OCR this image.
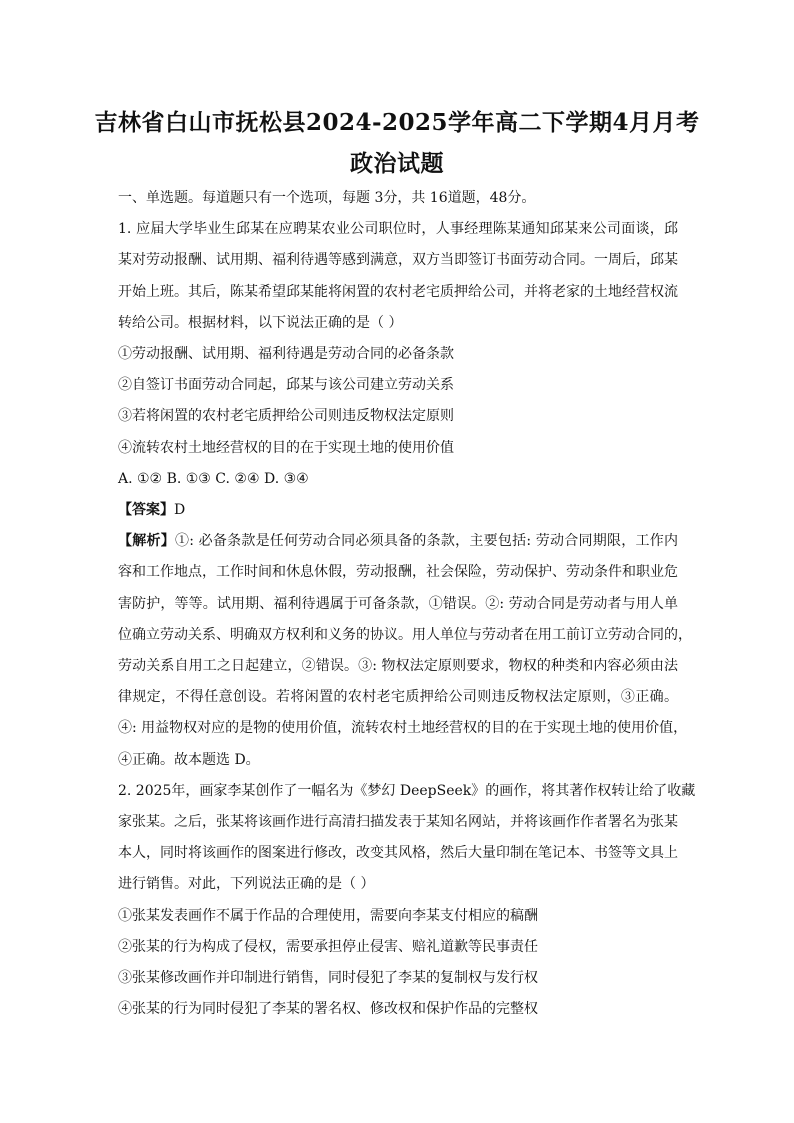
吉林省白山市抚松县2024-2025学年高二下学期4月月考
政治试题
一、单选题。每道题只有一个选项，每题 3分，共 16道题，48分。
1. 应届大学毕业生邱某在应聘某农业公司职位时，人事经理陈某通知邱某来公司面谈，邱
某对劳动报酬、试用期、福利待遇等感到满意，双方当即签订书面劳动合同。一周后，邱某
开始上班。其后，陈某希望邱某能将闲置的农村老宅质押给公司，并将老家的土地经营权流
转给公司。根据材料，以下说法正确的是（ ）
①劳动报酬、试用期、福利待遇是劳动合同的必备条款
②自签订书面劳动合同起，邱某与该公司建立劳动关系
③若将闲置的农村老宅质押给公司则违反物权法定原则
④流转农村土地经营权的目的在于实现土地的使用价值
A. ①② B. ①③ C. ②④ D. ③④
【答案】D
【解析】①: 必备条款是任何劳动合同必须具备的条款，主要包括: 劳动合同期限，工作内
容和工作地点，工作时间和休息休假，劳动报酬，社会保险，劳动保护、劳动条件和职业危
害防护，等等。试用期、福利待遇属于可备条款，①错误。②: 劳动合同是劳动者与用人单
位确立劳动关系、明确双方权利和义务的协议。用人单位与劳动者在用工前订立劳动合同的，
劳动关系自用工之日起建立，②错误。③: 物权法定原则要求，物权的种类和内容必须由法
律规定，不得任意创设。若将闲置的农村老宅质押给公司则违反物权法定原则，③正确。
④: 用益物权对应的是物的使用价值，流转农村土地经营权的目的在于实现土地的使用价值，
④正确。故本题选 D。
2. 2025年，画家李某创作了一幅名为《梦幻 DeepSeek》的画作，将其著作权转让给了收藏
家张某。之后，张某将该画作进行高清扫描发表于某知名网站，并将该画作作者署名为张某
本人，同时将该画作的图案进行修改，改变其风格，然后大量印制在笔记本、书签等文具上
进行销售。对此，下列说法正确的是（ ）
①张某发表画作不属于作品的合理使用，需要向李某支付相应的稿酬
②张某的行为构成了侵权，需要承担停止侵害、赔礼道歉等民事责任
③张某修改画作并印制进行销售，同时侵犯了李某的复制权与发行权
④张某的行为同时侵犯了李某的署名权、修改权和保护作品的完整权
